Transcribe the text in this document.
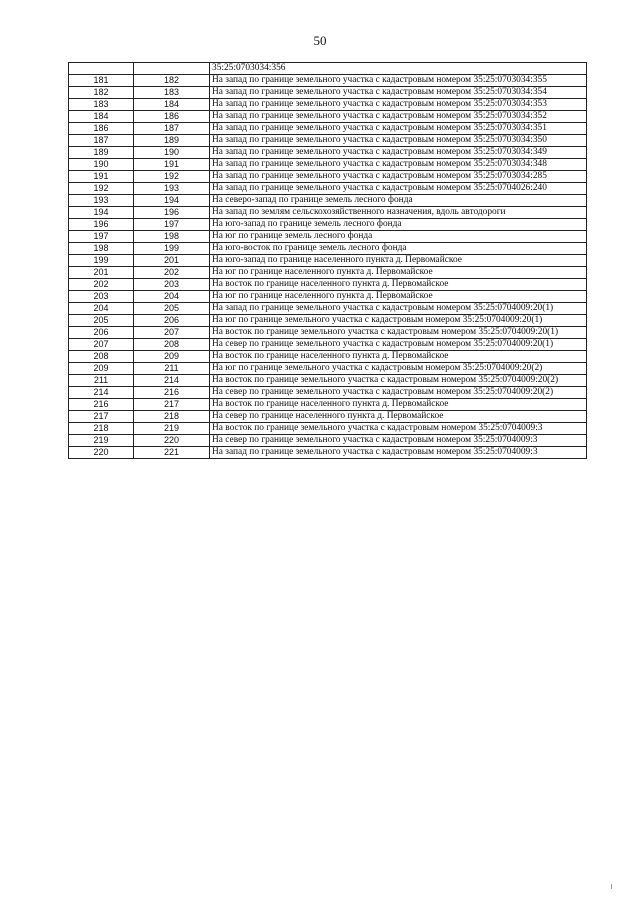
50
		35:25:0703034:356
181	182	На запад по границе земельного участка с кадастровым номером 35:25:0703034:355
182	183	На запад по границе земельного участка с кадастровым номером 35:25:0703034:354
183	184	На запад по границе земельного участка с кадастровым номером 35:25:0703034:353
184	186	На запад по границе земельного участка с кадастровым номером 35:25:0703034:352
186	187	На запад по границе земельного участка с кадастровым номером 35:25:0703034:351
187	189	На запад по границе земельного участка с кадастровым номером 35:25:0703034:350
189	190	На запад по границе земельного участка с кадастровым номером 35:25:0703034:349
190	191	На запад по границе земельного участка с кадастровым номером 35:25:0703034:348
191	192	На запад по границе земельного участка с кадастровым номером 35:25:0703034:285
192	193	На запад по границе земельного участка с кадастровым номером 35:25:0704026:240
193	194	На северо-запад по границе земель лесного фонда
194	196	На запад по землям сельскохозяйственного назначения, вдоль автодороги
196	197	На юго-запад по границе земель лесного фонда
197	198	На юг по границе земель лесного фонда
198	199	На юго-восток по границе земель лесного фонда
199	201	На юго-запад по границе населенного пункта д. Первомайское
201	202	На юг по границе населенного пункта д. Первомайское
202	203	На восток по границе населенного пункта д. Первомайское
203	204	На юг по границе населенного пункта д. Первомайское
204	205	На запад по границе земельного участка с кадастровым номером 35:25:0704009:20(1)
205	206	На юг по границе земельного участка с кадастровым номером 35:25:0704009:20(1)
206	207	На восток по границе земельного участка с кадастровым номером 35:25:0704009:20(1)
207	208	На север по границе земельного участка с кадастровым номером 35:25:0704009:20(1)
208	209	На восток по границе населенного пункта д. Первомайское
209	211	На юг по границе земельного участка с кадастровым номером 35:25:0704009:20(2)
211	214	На восток по границе земельного участка с кадастровым номером 35:25:0704009:20(2)
214	216	На север по границе земельного участка с кадастровым номером 35:25:0704009:20(2)
216	217	На восток по границе населенного пункта д. Первомайское
217	218	На север по границе населенного пункта д. Первомайское
218	219	На восток по границе земельного участка с кадастровым номером 35:25:0704009:3
219	220	На север по границе земельного участка с кадастровым номером 35:25:0704009:3
220	221	На запад по границе земельного участка с кадастровым номером 35:25:0704009:3
